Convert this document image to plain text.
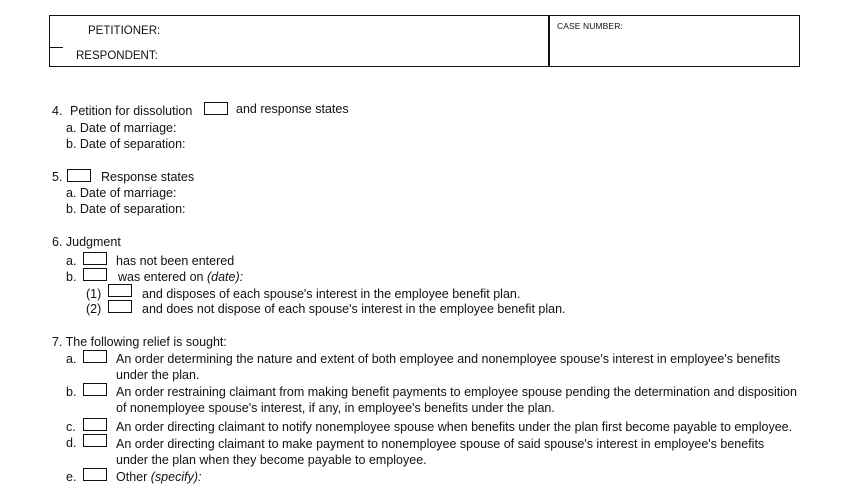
PETITIONER:
RESPONDENT:
CASE NUMBER:
4. Petition for dissolution	and response states
a. Date of marriage:
b. Date of separation:
5.	Response states
a. Date of marriage:
b. Date of separation:
6. Judgment
a.	has not been entered
b.	was entered on (date):
(1)	and disposes of each spouse's interest in the employee benefit plan.
(2)	and does not dispose of each spouse's interest in the employee benefit plan.
7. The following relief is sought:
a.	An order determining the nature and extent of both employee and nonemployee spouse's interest in employee's benefits
under the plan.
b.	An order restraining claimant from making benefit payments to employee spouse pending the determination and disposition
of nonemployee spouse's interest, if any, in employee's benefits under the plan.
c.	An order directing claimant to notify nonemployee spouse when benefits under the plan first become payable to employee.
d.	An order directing claimant to make payment to nonemployee spouse of said spouse's interest in employee's benefits
under the plan when they become payable to employee.
e.	Other (specify):
